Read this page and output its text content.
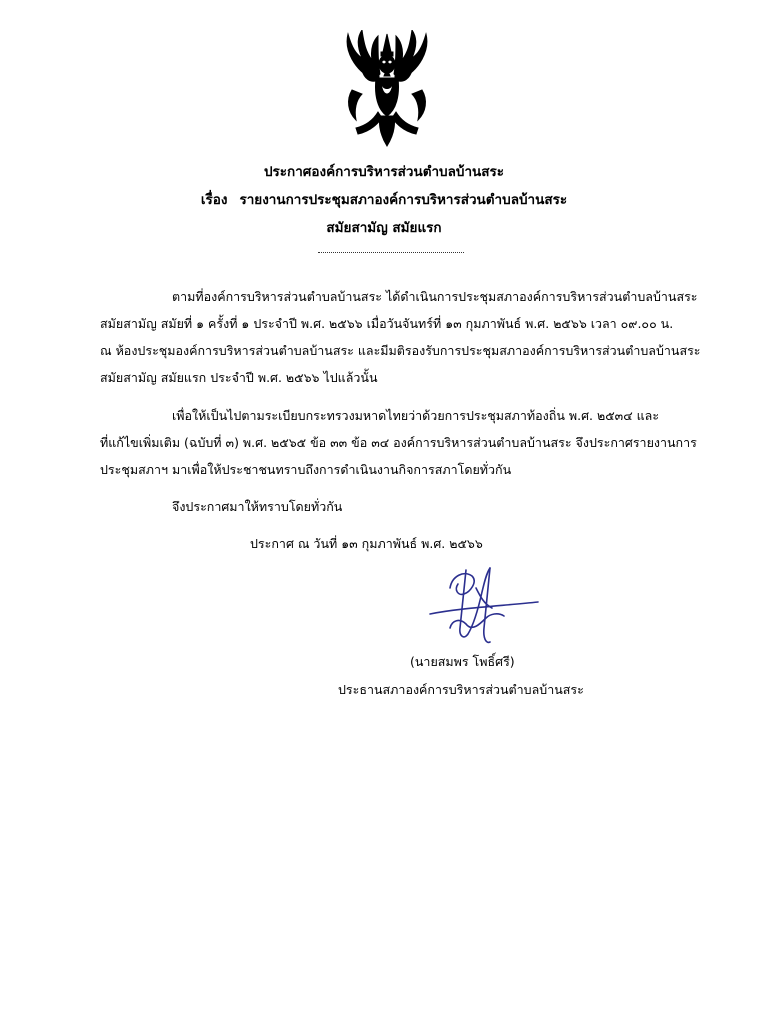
ประกาศองค์การบริหารส่วนตำบลบ้านสระ
เรื่อง รายงานการประชุมสภาองค์การบริหารส่วนตำบลบ้านสระ
สมัยสามัญ สมัยแรก
ตามที่องค์การบริหารส่วนตำบลบ้านสระ ได้ดำเนินการประชุมสภาองค์การบริหารส่วนตำบลบ้านสระ
สมัยสามัญ สมัยที่ ๑ ครั้งที่ ๑ ประจำปี พ.ศ. ๒๕๖๖ เมื่อวันจันทร์ที่ ๑๓ กุมภาพันธ์ พ.ศ. ๒๕๖๖ เวลา ๐๙.๐๐ น.
ณ ห้องประชุมองค์การบริหารส่วนตำบลบ้านสระ และมีมติรองรับการประชุมสภาองค์การบริหารส่วนตำบลบ้านสระ
สมัยสามัญ สมัยแรก ประจำปี พ.ศ. ๒๕๖๖ ไปแล้วนั้น
เพื่อให้เป็นไปตามระเบียบกระทรวงมหาดไทยว่าด้วยการประชุมสภาท้องถิ่น พ.ศ. ๒๕๓๔ และ
ที่แก้ไขเพิ่มเติม (ฉบับที่ ๓) พ.ศ. ๒๕๖๕ ข้อ ๓๓ ข้อ ๓๔ องค์การบริหารส่วนตำบลบ้านสระ จึงประกาศรายงานการ
ประชุมสภาฯ มาเพื่อให้ประชาชนทราบถึงการดำเนินงานกิจการสภาโดยทั่วกัน
จึงประกาศมาให้ทราบโดยทั่วกัน
ประกาศ ณ วันที่ ๑๓ กุมภาพันธ์ พ.ศ. ๒๕๖๖
(นายสมพร โพธิ์ศรี)
ประธานสภาองค์การบริหารส่วนตำบลบ้านสระ
